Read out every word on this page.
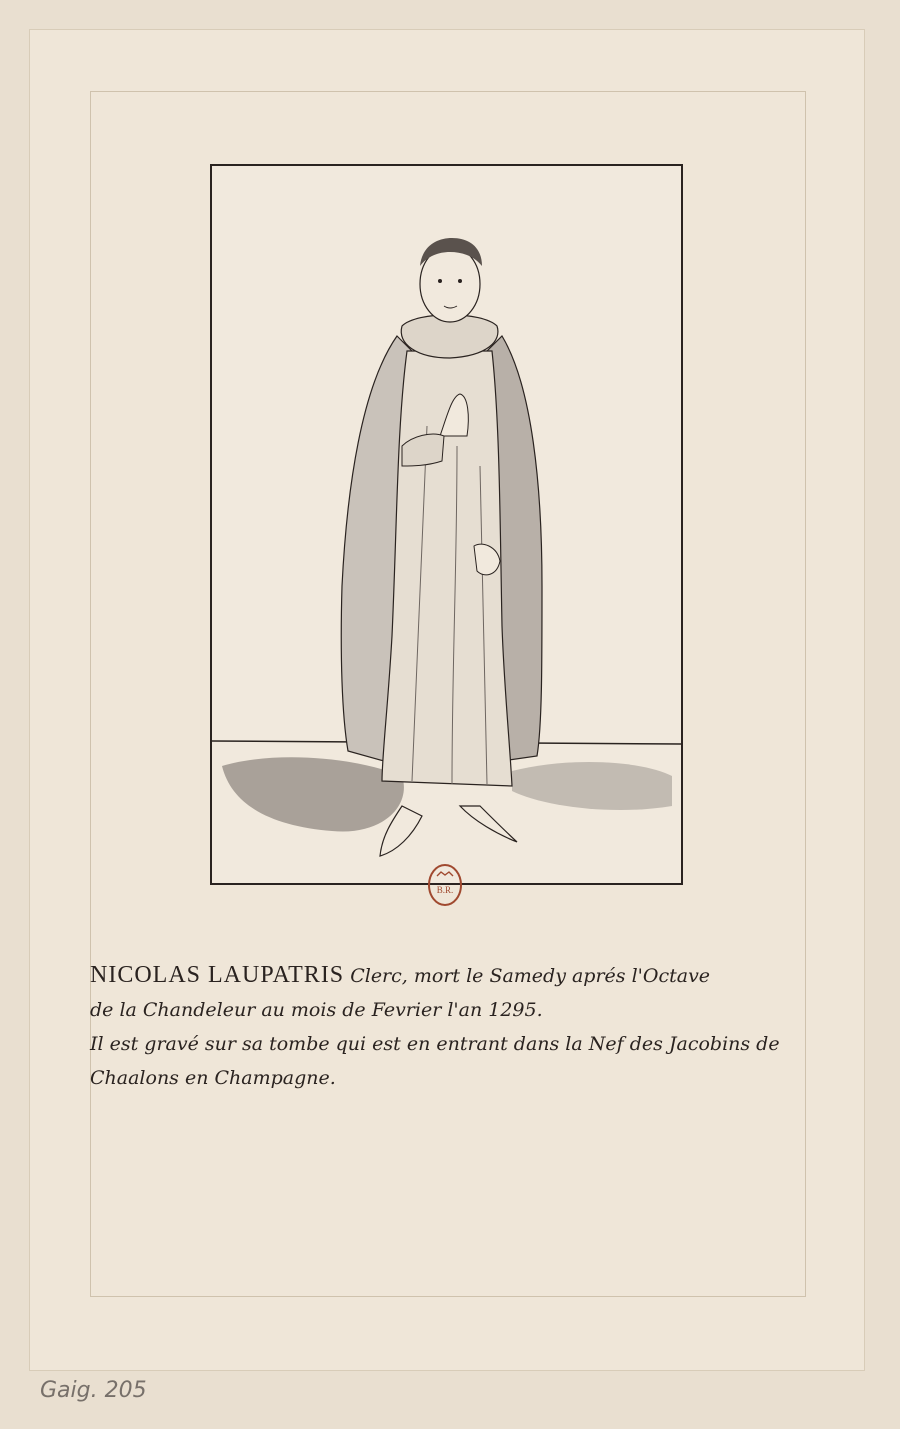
B.R.
NICOLAS LAUPATRIS Clerc, mort le Samedy aprés l'Octave
de la Chandeleur au mois de Fevrier l'an 1295.
Il est gravé sur sa tombe qui est en entrant dans la Nef des Jacobins de
Chaalons en Champagne.
Gaig. 205
